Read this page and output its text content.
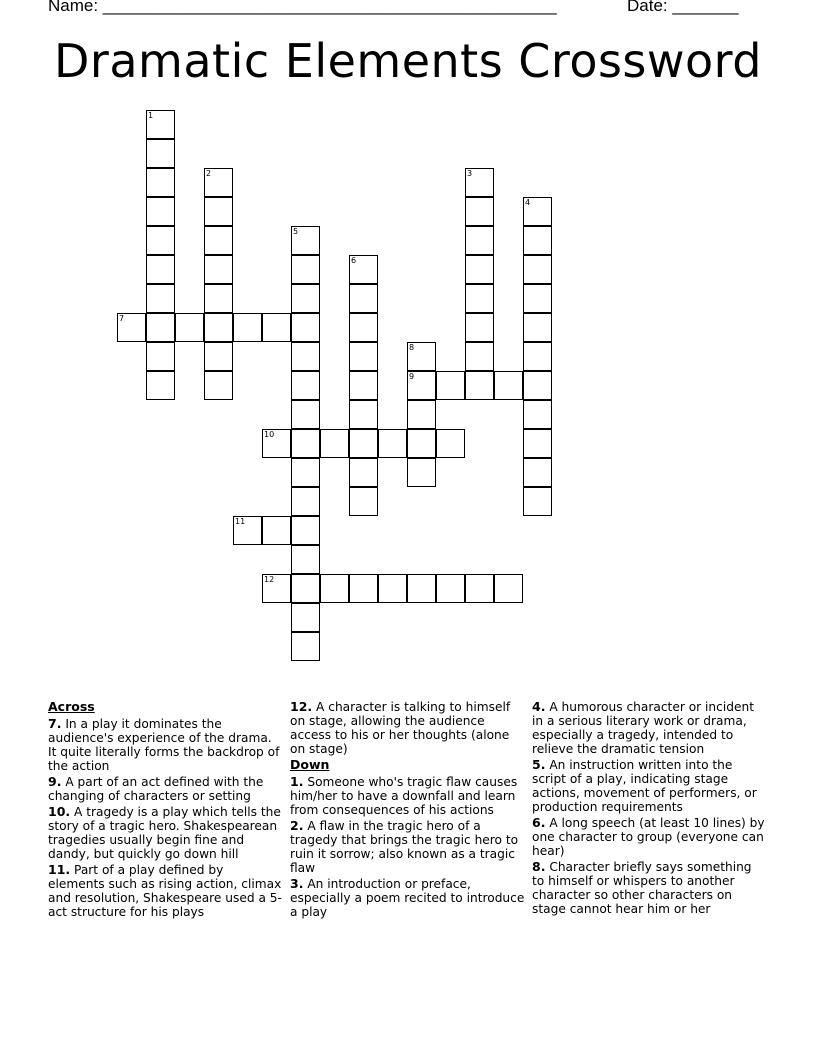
Name: ________________________________________________	Date: _______
Dramatic Elements Crossword
1
2	3
4
5
6
7
8
9
10
11
12
Across
7. In a play it dominates the audience's experience of the drama. It quite literally forms the backdrop of the action
9. A part of an act defined with the changing of characters or setting
10. A tragedy is a play which tells the story of a tragic hero. Shakespearean tragedies usually begin fine and dandy, but quickly go down hill
11. Part of a play defined by elements such as rising action, climax and resolution, Shakespeare used a 5-act structure for his plays
12. A character is talking to himself on stage, allowing the audience access to his or her thoughts (alone on stage)
Down
1. Someone who's tragic flaw causes him/her to have a downfall and learn from consequences of his actions
2. A flaw in the tragic hero of a tragedy that brings the tragic hero to ruin it sorrow; also known as a tragic flaw
3. An introduction or preface, especially a poem recited to introduce a play
4. A humorous character or incident in a serious literary work or drama, especially a tragedy, intended to relieve the dramatic tension
5. An instruction written into the script of a play, indicating stage actions, movement of performers, or production requirements
6. A long speech (at least 10 lines) by one character to group (everyone can hear)
8. Character briefly says something to himself or whispers to another character so other characters on stage cannot hear him or her
